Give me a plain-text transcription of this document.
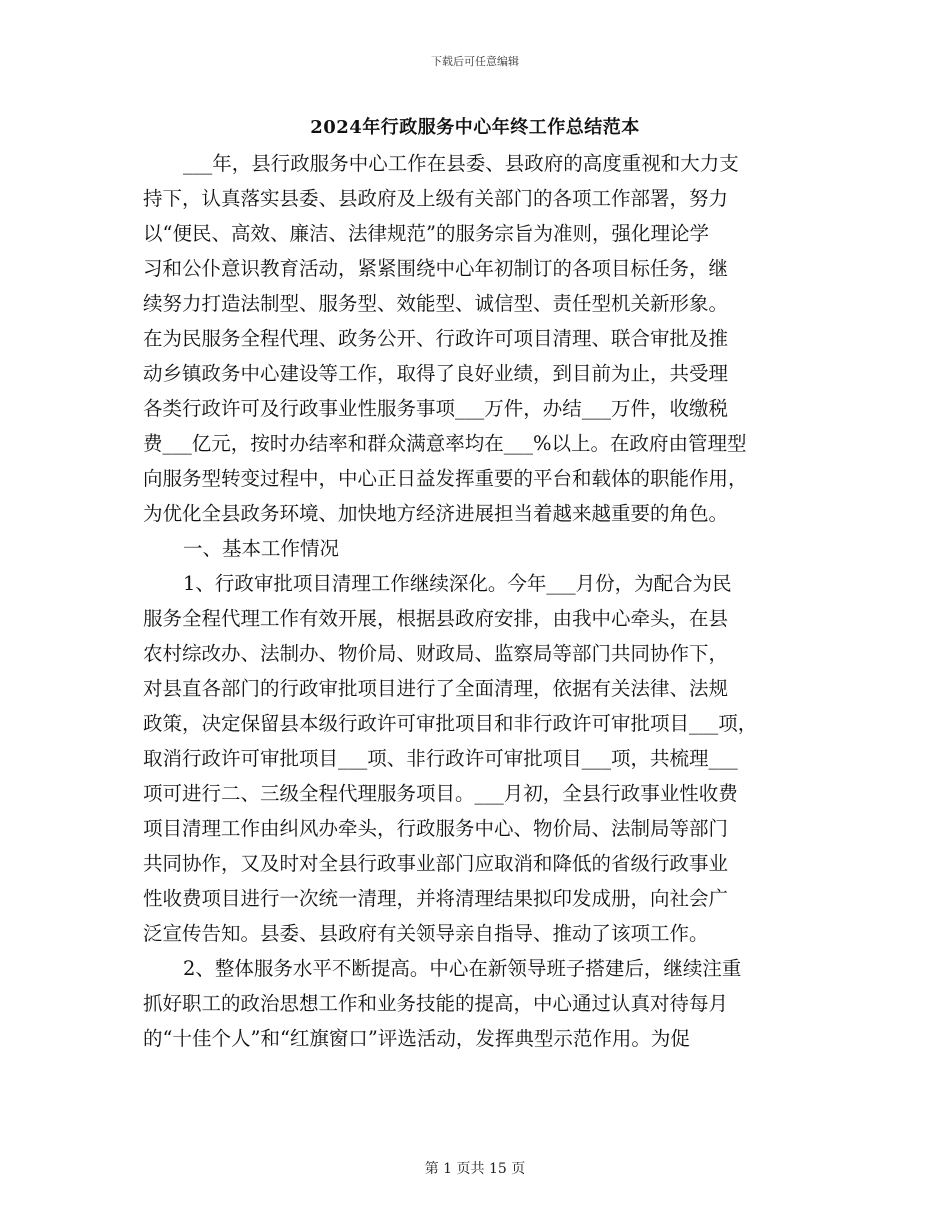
下载后可任意编辑
2024年行政服务中心年终工作总结范本
___年，县行政服务中心工作在县委、县政府的高度重视和大力支
持下，认真落实县委、县政府及上级有关部门的各项工作部署，努力
以“便民、高效、廉洁、法律规范”的服务宗旨为准则，强化理论学
习和公仆意识教育活动，紧紧围绕中心年初制订的各项目标任务，继
续努力打造法制型、服务型、效能型、诚信型、责任型机关新形象。
在为民服务全程代理、政务公开、行政许可项目清理、联合审批及推
动乡镇政务中心建设等工作，取得了良好业绩，到目前为止，共受理
各类行政许可及行政事业性服务事项___万件，办结___万件，收缴税
费___亿元，按时办结率和群众满意率均在___%以上。在政府由管理型
向服务型转变过程中，中心正日益发挥重要的平台和载体的职能作用，
为优化全县政务环境、加快地方经济进展担当着越来越重要的角色。
一、基本工作情况
1、行政审批项目清理工作继续深化。今年___月份，为配合为民
服务全程代理工作有效开展，根据县政府安排，由我中心牵头，在县
农村综改办、法制办、物价局、财政局、监察局等部门共同协作下，
对县直各部门的行政审批项目进行了全面清理，依据有关法律、法规
政策，决定保留县本级行政许可审批项目和非行政许可审批项目___项，
取消行政许可审批项目___项、非行政许可审批项目___项，共梳理___
项可进行二、三级全程代理服务项目。___月初，全县行政事业性收费
项目清理工作由纠风办牵头，行政服务中心、物价局、法制局等部门
共同协作，又及时对全县行政事业部门应取消和降低的省级行政事业
性收费项目进行一次统一清理，并将清理结果拟印发成册，向社会广
泛宣传告知。县委、县政府有关领导亲自指导、推动了该项工作。
2、整体服务水平不断提高。中心在新领导班子搭建后，继续注重
抓好职工的政治思想工作和业务技能的提高，中心通过认真对待每月
的“十佳个人”和“红旗窗口”评选活动，发挥典型示范作用。为促
第 1 页共 15 页
